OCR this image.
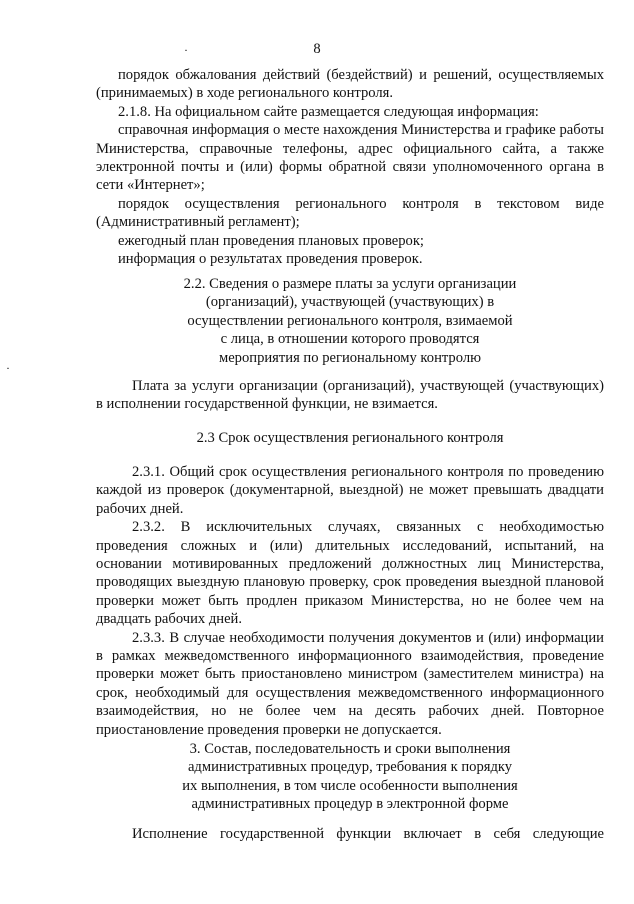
·
·
8

порядок обжалования действий (бездействий) и решений, осуществляемых (принимаемых) в ходе регионального контроля.

2.1.8. На официальном сайте размещается следующая информация:

справочная информация о месте нахождения Министерства и графике работы Министерства, справочные телефоны, адрес официального сайта, а также электронной почты и (или) формы обратной связи уполномоченного органа в сети «Интернет»;

порядок осуществления регионального контроля в текстовом виде (Административный регламент);

ежегодный план проведения плановых проверок;

информация о результатах проведения проверок.

2.2. Сведения о размере платы за услуги организации
(организаций), участвующей (участвующих) в
осуществлении регионального контроля, взимаемой
с лица, в отношении которого проводятся
мероприятия по региональному контролю

Плата за услуги организации (организаций), участвующей (участвующих) в исполнении государственной функции, не взимается.

2.3 Срок осуществления регионального контроля

2.3.1. Общий срок осуществления регионального контроля по проведению каждой из проверок (документарной, выездной) не может превышать двадцати рабочих дней.

2.3.2. В исключительных случаях, связанных с необходимостью проведения сложных и (или) длительных исследований, испытаний, на основании мотивированных предложений должностных лиц Министерства, проводящих выездную плановую проверку, срок проведения выездной плановой проверки может быть продлен приказом Министерства, но не более чем на двадцать рабочих дней.

2.3.3. В случае необходимости получения документов и (или) информации в рамках межведомственного информационного взаимодействия, проведение проверки может быть приостановлено министром (заместителем министра) на срок, необходимый для осуществления межведомственного информационного взаимодействия, но не более чем на десять рабочих дней. Повторное приостановление проведения проверки не допускается.

3. Состав, последовательность и сроки выполнения
административных процедур, требования к порядку
их выполнения, в том числе особенности выполнения
административных процедур в электронной форме

Исполнение государственной функции включает в себя следующие
